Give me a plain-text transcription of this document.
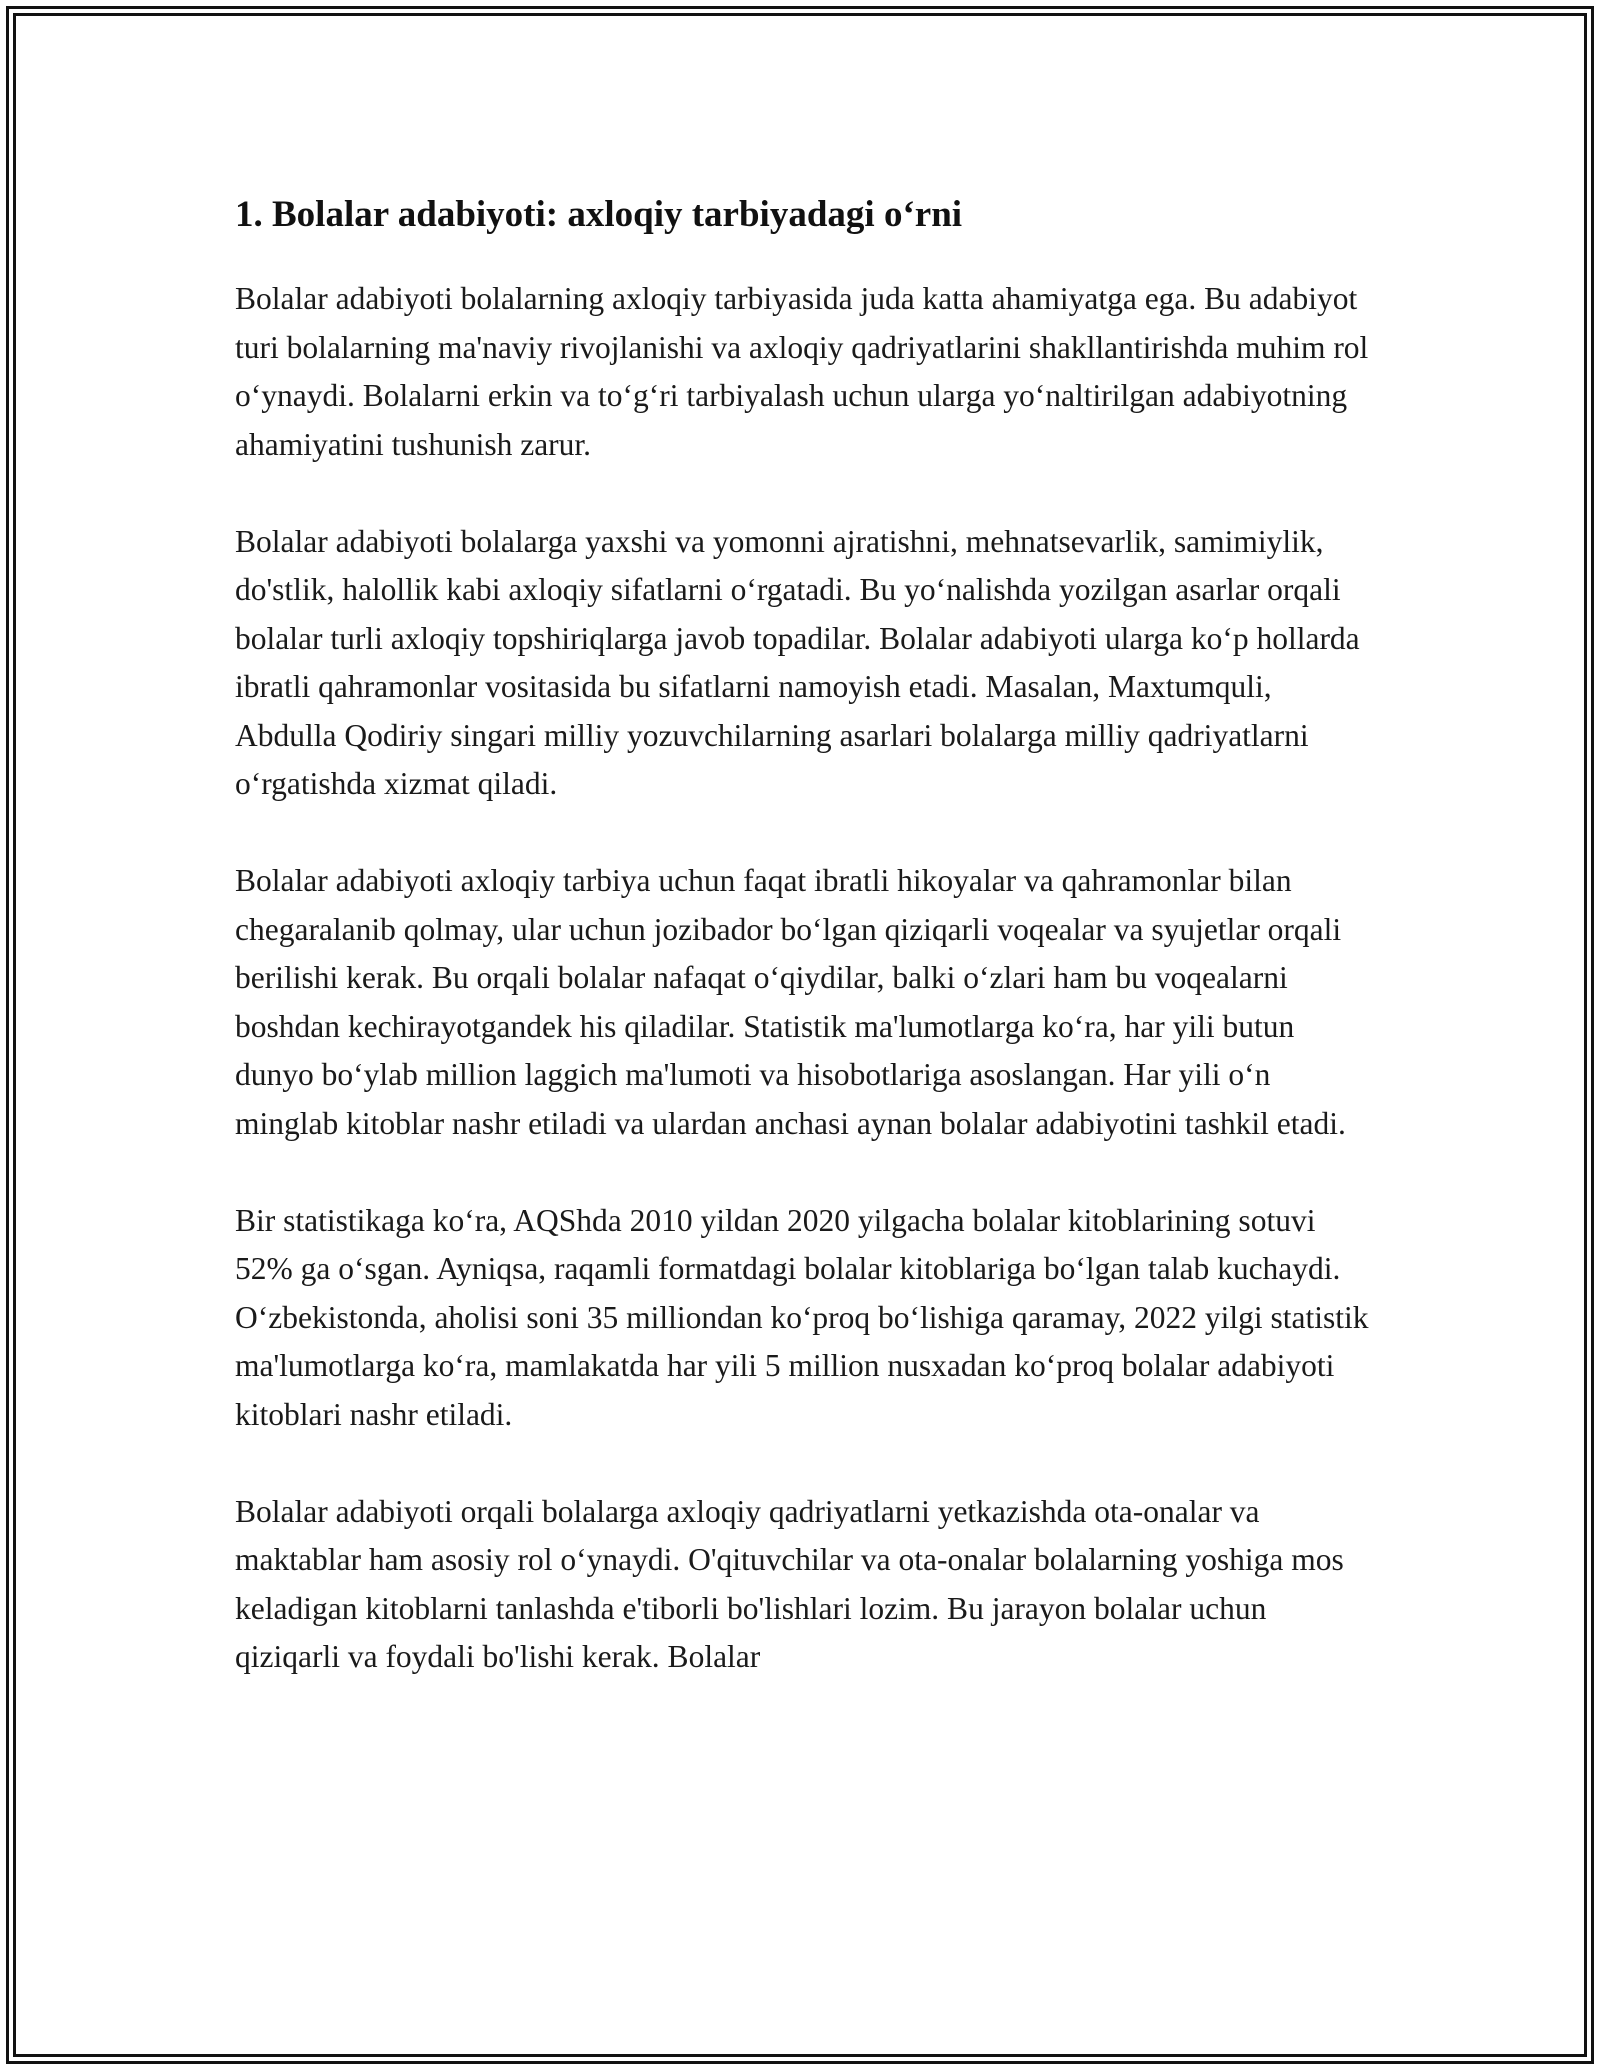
1. Bolalar adabiyoti: axloqiy tarbiyadagi o‘rni

Bolalar adabiyoti bolalarning axloqiy tarbiyasida juda katta ahamiyatga ega. Bu adabiyot turi bolalarning ma'naviy rivojlanishi va axloqiy qadriyatlarini shakllantirishda muhim rol o‘ynaydi. Bolalarni erkin va to‘g‘ri tarbiyalash uchun ularga yo‘naltirilgan adabiyotning ahamiyatini tushunish zarur.

Bolalar adabiyoti bolalarga yaxshi va yomonni ajratishni, mehnatsevarlik, samimiylik, do'stlik, halollik kabi axloqiy sifatlarni o‘rgatadi. Bu yo‘nalishda yozilgan asarlar orqali bolalar turli axloqiy topshiriqlarga javob topadilar. Bolalar adabiyoti ularga ko‘p hollarda ibratli qahramonlar vositasida bu sifatlarni namoyish etadi. Masalan, Maxtumquli, Abdulla Qodiriy singari milliy yozuvchilarning asarlari bolalarga milliy qadriyatlarni o‘rgatishda xizmat qiladi.

Bolalar adabiyoti axloqiy tarbiya uchun faqat ibratli hikoyalar va qahramonlar bilan chegaralanib qolmay, ular uchun jozibador bo‘lgan qiziqarli voqealar va syujetlar orqali berilishi kerak. Bu orqali bolalar nafaqat o‘qiydilar, balki o‘zlari ham bu voqealarni boshdan kechirayotgandek his qiladilar. Statistik ma'lumotlarga ko‘ra, har yili butun dunyo bo‘ylab million laggich ma'lumoti va hisobotlariga asoslangan. Har yili o‘n minglab kitoblar nashr etiladi va ulardan anchasi aynan bolalar adabiyotini tashkil etadi.

Bir statistikaga ko‘ra, AQShda 2010 yildan 2020 yilgacha bolalar kitoblarining sotuvi 52% ga o‘sgan. Ayniqsa, raqamli formatdagi bolalar kitoblariga bo‘lgan talab kuchaydi. O‘zbekistonda, aholisi soni 35 milliondan ko‘proq bo‘lishiga qaramay, 2022 yilgi statistik ma'lumotlarga ko‘ra, mamlakatda har yili 5 million nusxadan ko‘proq bolalar adabiyoti kitoblari nashr etiladi.

Bolalar adabiyoti orqali bolalarga axloqiy qadriyatlarni yetkazishda ota-onalar va maktablar ham asosiy rol o‘ynaydi. O'qituvchilar va ota-onalar bolalarning yoshiga mos keladigan kitoblarni tanlashda e'tiborli bo'lishlari lozim. Bu jarayon bolalar uchun qiziqarli va foydali bo'lishi kerak. Bolalar
